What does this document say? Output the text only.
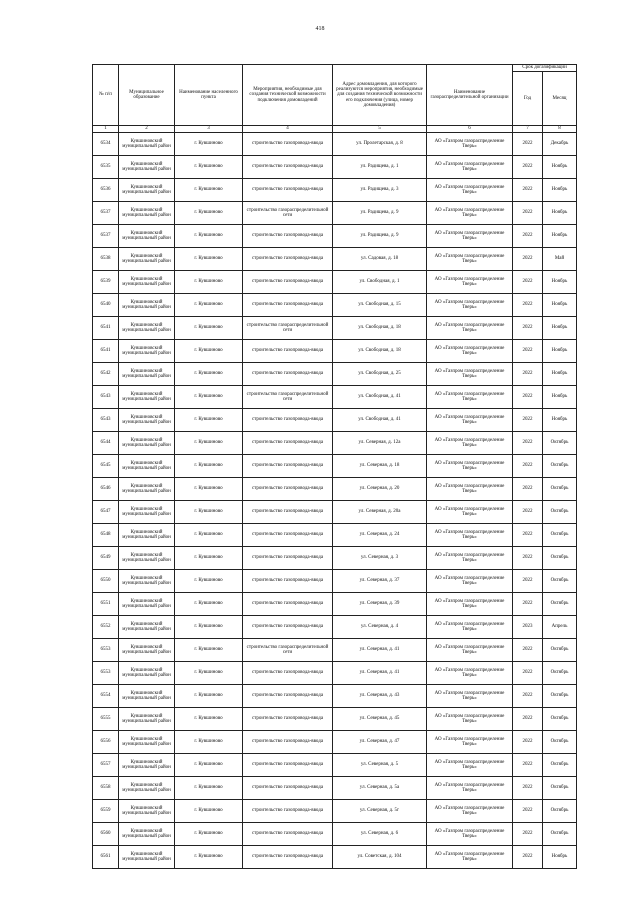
418
№ п/п	Муниципальное образование	Наименование населенного пункта	Мероприятия, необходимые для создания технической возможности подключения домовладений	Адрес домовладения, для которого реализуются мероприятия, необходимые для создания технической возможности его подключения (улица, номер домовладения)	Наименование газораспределительной организации	Срок догазификации	
						Год	Месяц
1	2	3	4	5	6	7	8
6534	Кувшиновский муниципальный район	г. Кувшиново	строительство газопровода-ввода	ул. Пролетарская, д. 8	АО «Газпром газораспределение Тверь»	2022	Декабрь
6535	Кувшиновский муниципальный район	г. Кувшиново	строительство газопровода-ввода	ул. Радищева, д. 1	АО «Газпром газораспределение Тверь»	2022	Ноябрь
6536	Кувшиновский муниципальный район	г. Кувшиново	строительство газопровода-ввода	ул. Радищева, д. 3	АО «Газпром газораспределение Тверь»	2022	Ноябрь
6537	Кувшиновский муниципальный район	г. Кувшиново	строительство газораспределительной сети	ул. Радищева, д. 9	АО «Газпром газораспределение Тверь»	2022	Ноябрь
6537	Кувшиновский муниципальный район	г. Кувшиново	строительство газопровода-ввода	ул. Радищева, д. 9	АО «Газпром газораспределение Тверь»	2022	Ноябрь
6538	Кувшиновский муниципальный район	г. Кувшиново	строительство газопровода-ввода	ул. Садовая, д. 18	АО «Газпром газораспределение Тверь»	2022	Май
6539	Кувшиновский муниципальный район	г. Кувшиново	строительство газопровода-ввода	ул. Свободная, д. 1	АО «Газпром газораспределение Тверь»	2022	Ноябрь
6540	Кувшиновский муниципальный район	г. Кувшиново	строительство газопровода-ввода	ул. Свободная, д. 15	АО «Газпром газораспределение Тверь»	2022	Ноябрь
6541	Кувшиновский муниципальный район	г. Кувшиново	строительство газораспределительной сети	ул. Свободная, д. 18	АО «Газпром газораспределение Тверь»	2022	Ноябрь
6541	Кувшиновский муниципальный район	г. Кувшиново	строительство газопровода-ввода	ул. Свободная, д. 18	АО «Газпром газораспределение Тверь»	2022	Ноябрь
6542	Кувшиновский муниципальный район	г. Кувшиново	строительство газопровода-ввода	ул. Свободная, д. 25	АО «Газпром газораспределение Тверь»	2022	Ноябрь
6543	Кувшиновский муниципальный район	г. Кувшиново	строительство газораспределительной сети	ул. Свободная, д. 41	АО «Газпром газораспределение Тверь»	2022	Ноябрь
6543	Кувшиновский муниципальный район	г. Кувшиново	строительство газопровода-ввода	ул. Свободная, д. 41	АО «Газпром газораспределение Тверь»	2022	Ноябрь
6544	Кувшиновский муниципальный район	г. Кувшиново	строительство газопровода-ввода	ул. Северная, д. 12а	АО «Газпром газораспределение Тверь»	2022	Октябрь
6545	Кувшиновский муниципальный район	г. Кувшиново	строительство газопровода-ввода	ул. Северная, д. 18	АО «Газпром газораспределение Тверь»	2022	Октябрь
6546	Кувшиновский муниципальный район	г. Кувшиново	строительство газопровода-ввода	ул. Северная, д. 20	АО «Газпром газораспределение Тверь»	2022	Октябрь
6547	Кувшиновский муниципальный район	г. Кувшиново	строительство газопровода-ввода	ул. Северная, д. 20а	АО «Газпром газораспределение Тверь»	2022	Октябрь
6548	Кувшиновский муниципальный район	г. Кувшиново	строительство газопровода-ввода	ул. Северная, д. 24	АО «Газпром газораспределение Тверь»	2022	Октябрь
6549	Кувшиновский муниципальный район	г. Кувшиново	строительство газопровода-ввода	ул. Северная, д. 3	АО «Газпром газораспределение Тверь»	2022	Октябрь
6550	Кувшиновский муниципальный район	г. Кувшиново	строительство газопровода-ввода	ул. Северная, д. 37	АО «Газпром газораспределение Тверь»	2022	Октябрь
6551	Кувшиновский муниципальный район	г. Кувшиново	строительство газопровода-ввода	ул. Северная, д. 39	АО «Газпром газораспределение Тверь»	2022	Октябрь
6552	Кувшиновский муниципальный район	г. Кувшиново	строительство газопровода-ввода	ул. Северная, д. 4	АО «Газпром газораспределение Тверь»	2023	Апрель
6553	Кувшиновский муниципальный район	г. Кувшиново	строительство газораспределительной сети	ул. Северная, д. 41	АО «Газпром газораспределение Тверь»	2022	Октябрь
6553	Кувшиновский муниципальный район	г. Кувшиново	строительство газопровода-ввода	ул. Северная, д. 41	АО «Газпром газораспределение Тверь»	2022	Октябрь
6554	Кувшиновский муниципальный район	г. Кувшиново	строительство газопровода-ввода	ул. Северная, д. 43	АО «Газпром газораспределение Тверь»	2022	Октябрь
6555	Кувшиновский муниципальный район	г. Кувшиново	строительство газопровода-ввода	ул. Северная, д. 45	АО «Газпром газораспределение Тверь»	2022	Октябрь
6556	Кувшиновский муниципальный район	г. Кувшиново	строительство газопровода-ввода	ул. Северная, д. 47	АО «Газпром газораспределение Тверь»	2022	Октябрь
6557	Кувшиновский муниципальный район	г. Кувшиново	строительство газопровода-ввода	ул. Северная, д. 5	АО «Газпром газораспределение Тверь»	2022	Октябрь
6558	Кувшиновский муниципальный район	г. Кувшиново	строительство газопровода-ввода	ул. Северная, д. 5а	АО «Газпром газораспределение Тверь»	2022	Октябрь
6559	Кувшиновский муниципальный район	г. Кувшиново	строительство газопровода-ввода	ул. Северная, д. 5г	АО «Газпром газораспределение Тверь»	2022	Октябрь
6560	Кувшиновский муниципальный район	г. Кувшиново	строительство газопровода-ввода	ул. Северная, д. 6	АО «Газпром газораспределение Тверь»	2022	Октябрь
6561	Кувшиновский муниципальный район	г. Кувшиново	строительство газопровода-ввода	ул. Советская, д. 104	АО «Газпром газораспределение Тверь»	2022	Ноябрь
